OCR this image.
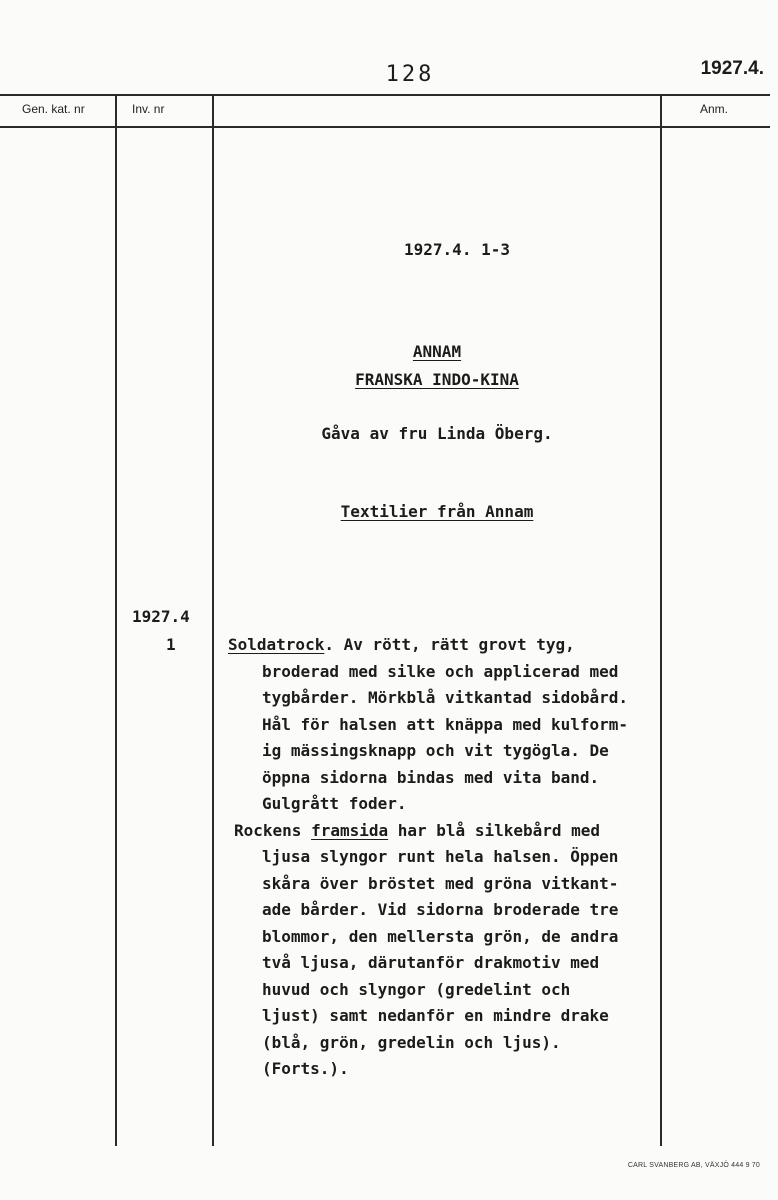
128	1927.4.
Gen. kat. nr	Inv. nr	Anm.
1927.4. 1-3
ANNAM
FRANSKA INDO-KINA
Gåva av fru Linda Öberg.
Textilier från Annam
1927.4
1	Soldatrock. Av rött, rätt grovt tyg,
broderad med silke och applicerad med
tygbårder. Mörkblå vitkantad sidobård.
Hål för halsen att knäppa med kulform-
ig mässingsknapp och vit tygögla. De
öppna sidorna bindas med vita band.
Gulgrått foder.
Rockens framsida har blå silkebård med
ljusa slyngor runt hela halsen. Öppen
skåra över bröstet med gröna vitkant-
ade bårder. Vid sidorna broderade tre
blommor, den mellersta grön, de andra
två ljusa, därutanför drakmotiv med
huvud och slyngor (gredelint och
ljust) samt nedanför en mindre drake
(blå, grön, gredelin och ljus).
(Forts.).
CARL SVANBERG AB, VÄXJÖ 444 9 70
